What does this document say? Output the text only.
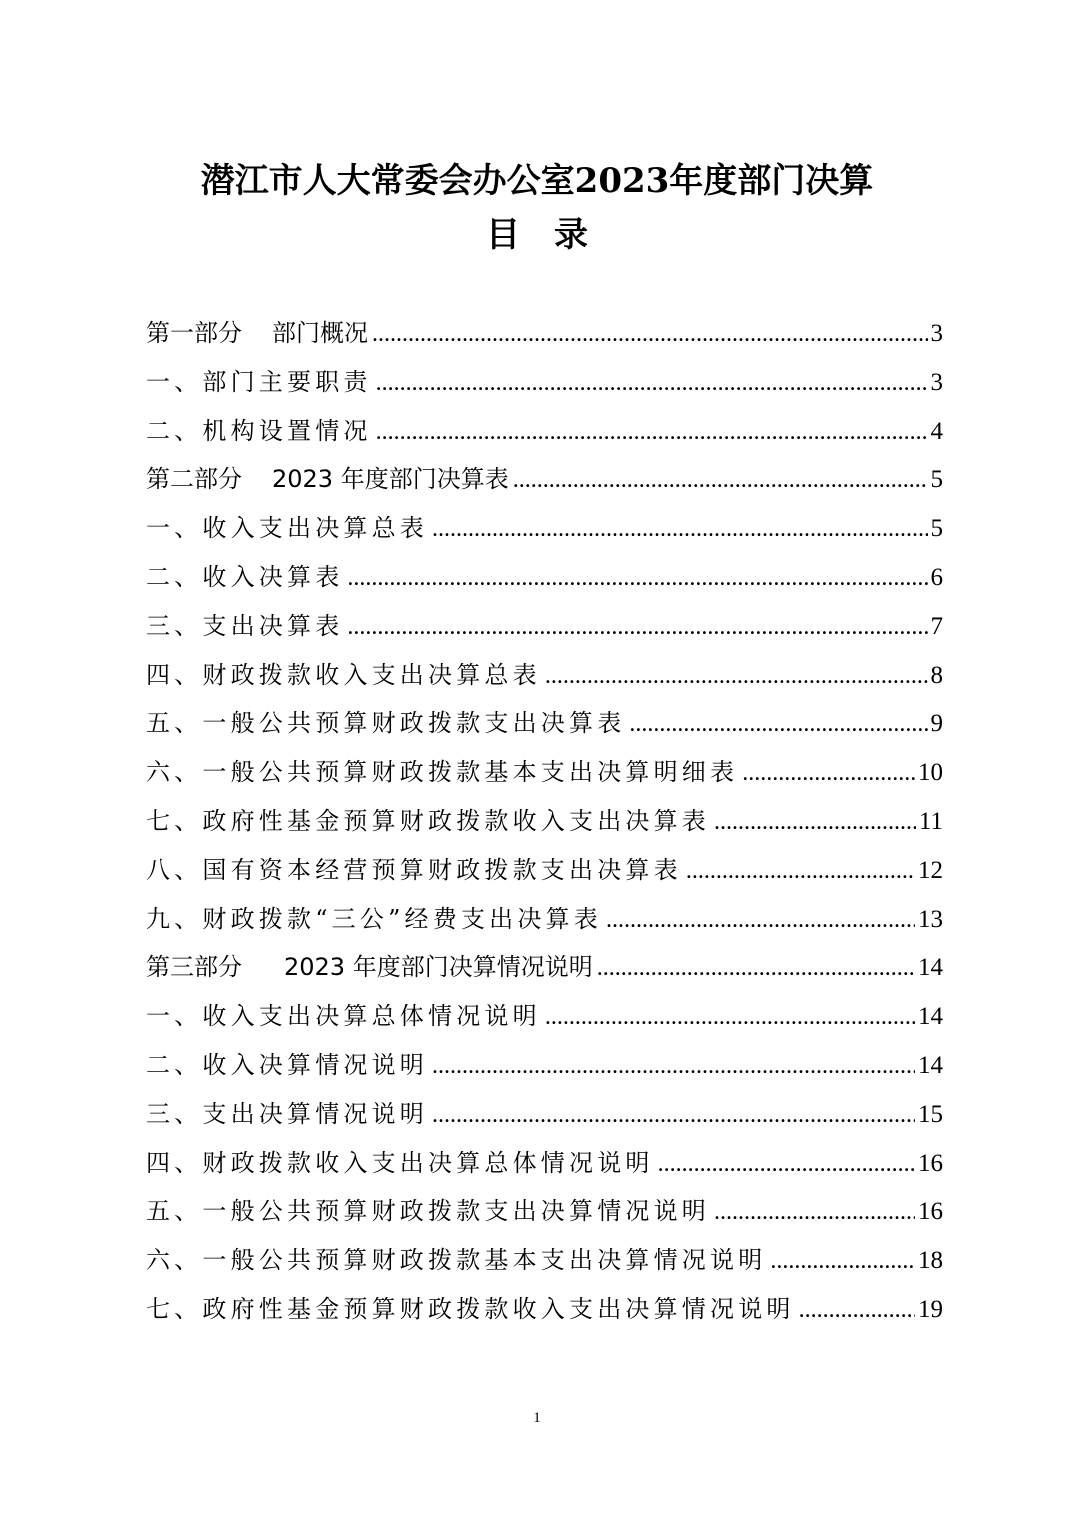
潜江市人大常委会办公室2023年度部门决算
目录
第一部分 部门概况 .....	3
一、部门主要职责 .....	3
二、机构设置情况 .....	4
第二部分 2023 年度部门决算表 .....	5
一、收入支出决算总表 .....	5
二、收入决算表 .....	6
三、支出决算表 .....	7
四、财政拨款收入支出决算总表 .....	8
五、一般公共预算财政拨款支出决算表 .....	9
六、一般公共预算财政拨款基本支出决算明细表 .....	10
七、政府性基金预算财政拨款收入支出决算表 .....	11
八、国有资本经营预算财政拨款支出决算表 .....	12
九、财政拨款“三公”经费支出决算表 .....	13
第三部分 2023 年度部门决算情况说明 .....	14
一、收入支出决算总体情况说明 .....	14
二、收入决算情况说明 .....	14
三、支出决算情况说明 .....	15
四、财政拨款收入支出决算总体情况说明 .....	16
五、一般公共预算财政拨款支出决算情况说明 .....	16
六、一般公共预算财政拨款基本支出决算情况说明 .....	18
七、政府性基金预算财政拨款收入支出决算情况说明 .....	19
1
